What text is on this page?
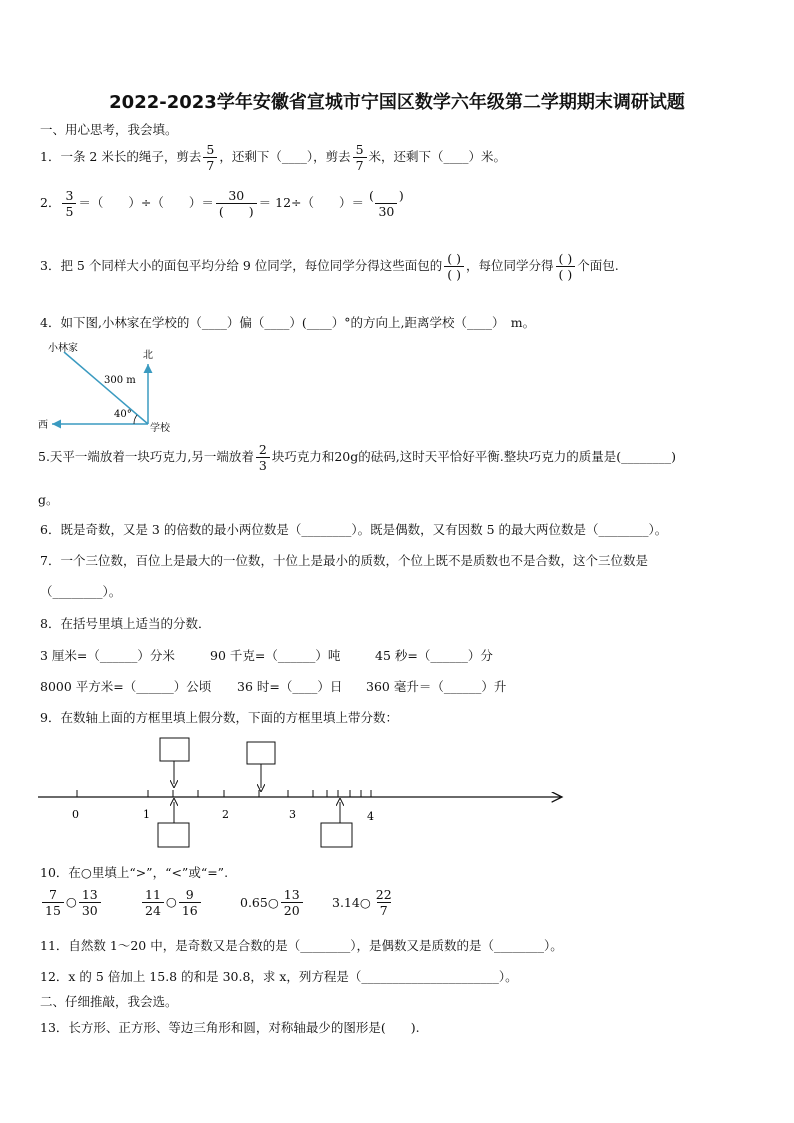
2022-2023学年安徽省宣城市宁国区数学六年级第二学期期末调研试题
一、用心思考，我会填。
1．一条 2 米长的绳子，剪去 $\frac{5}{7}$ ，还剩下（____），剪去 $\frac{5}{7}$ 米，还剩下（____）米。
2． $\frac{3}{5}$ ＝（　　）÷（　　）＝ $\frac{30}{( )} = 12\div$（　　）＝ $\frac{( )}{30}$
3．把 5 个同样大小的面包平均分给 9 位同学，每位同学分得这些面包的 $\frac{( )}{( )}$ ，每位同学分得 $\frac{( )}{( )}$ 个面包.
4．如下图,小林家在学校的（____）偏（____）(____）°的方向上,距离学校（____）　m。
小林家
北
西	学校
300 m
40°
5.天平一端放着一块巧克力,另一端放着 $\frac{2}{3}$ 块巧克力和20g的砝码,这时天平恰好平衡.整块巧克力的质量是(________)
g。
6．既是奇数，又是 3 的倍数的最小两位数是（________）。既是偶数，又有因数 5 的最大两位数是（________）。
7．一个三位数，百位上是最大的一位数，十位上是最小的质数，个位上既不是质数也不是合数，这个三位数是
（________）。
8．在括号里填上适当的分数．
3 厘米=（______）分米	90 千克=（______）吨	45 秒=（______）分
8000 平方米=（______）公顷 36 时=（____）日 360 毫升＝（______）升
9．在数轴上面的方框里填上假分数，下面的方框里填上带分数：
0	1	2	3	4
10．在○里填上“>”，“<”或“=”.
$\frac{7}{15}$ ○ $\frac{13}{30}$	$\frac{11}{24}$ ○ $\frac{9}{16}$	0.65○ $\frac{13}{20}$ 3.14○ $\frac{22}{7}$
11．自然数 1～20 中，是奇数又是合数的是（________），是偶数又是质数的是（________）。
12．x 的 5 倍加上 15.8 的和是 30.8，求 x，列方程是（______________________）。
二、仔细推敲，我会选。
13．长方形、正方形、等边三角形和圆，对称轴最少的图形是(　　).
